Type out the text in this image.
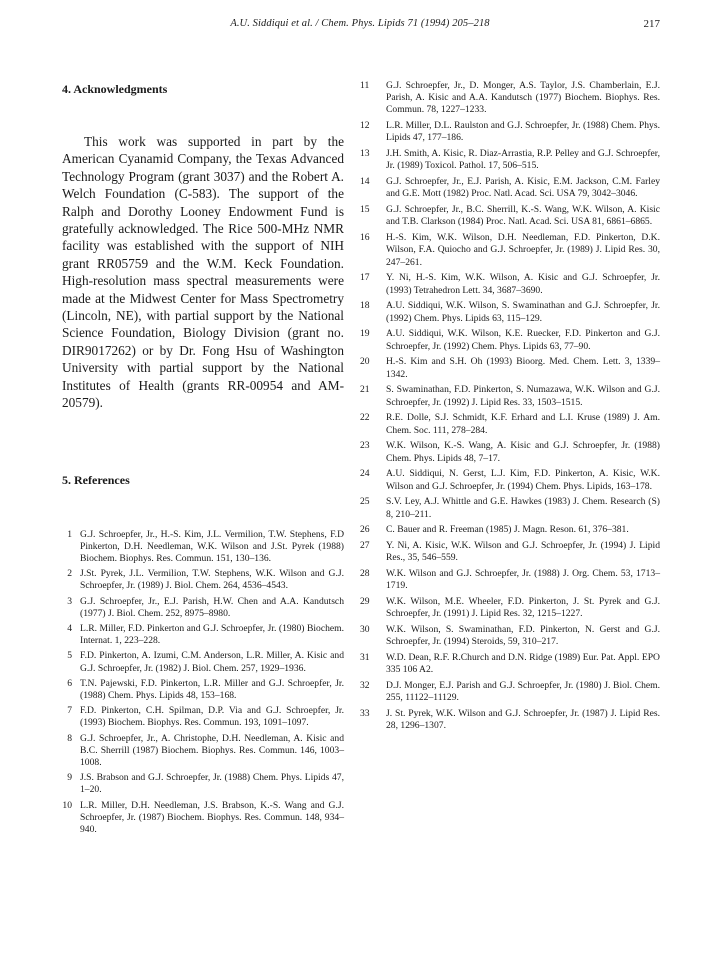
A.U. Siddiqui et al. / Chem. Phys. Lipids 71 (1994) 205–218	217
4. Acknowledgments

This work was supported in part by the American Cyanamid Company, the Texas Advanced Technology Program (grant 3037) and the Robert A. Welch Foundation (C-583). The support of the Ralph and Dorothy Looney Endowment Fund is gratefully acknowledged. The Rice 500-MHz NMR facility was established with the support of NIH grant RR05759 and the W.M. Keck Foundation. High-resolution mass spectral measurements were made at the Midwest Center for Mass Spectrometry (Lincoln, NE), with partial support by the National Science Foundation, Biology Division (grant no. DIR9017262) or by Dr. Fong Hsu of Washington University with partial support by the National Institutes of Health (grants RR-00954 and AM-20579).

5. References
1 G.J. Schroepfer, Jr., H.-S. Kim, J.L. Vermilion, T.W. Stephens, F.D Pinkerton, D.H. Needleman, W.K. Wilson and J.St. Pyrek (1988) Biochem. Biophys. Res. Commun. 151, 130–136.
2 J.St. Pyrek, J.L. Vermilion, T.W. Stephens, W.K. Wilson and G.J. Schroepfer, Jr. (1989) J. Biol. Chem. 264, 4536–4543.
3 G.J. Schroepfer, Jr., E.J. Parish, H.W. Chen and A.A. Kandutsch (1977) J. Biol. Chem. 252, 8975–8980.
4 L.R. Miller, F.D. Pinkerton and G.J. Schroepfer, Jr. (1980) Biochem. Internat. 1, 223–228.
5 F.D. Pinkerton, A. Izumi, C.M. Anderson, L.R. Miller, A. Kisic and G.J. Schroepfer, Jr. (1982) J. Biol. Chem. 257, 1929–1936.
6 T.N. Pajewski, F.D. Pinkerton, L.R. Miller and G.J. Schroepfer, Jr. (1988) Chem. Phys. Lipids 48, 153–168.
7 F.D. Pinkerton, C.H. Spilman, D.P. Via and G.J. Schroepfer, Jr. (1993) Biochem. Biophys. Res. Commun. 193, 1091–1097.
8 G.J. Schroepfer, Jr., A. Christophe, D.H. Needleman, A. Kisic and B.C. Sherrill (1987) Biochem. Biophys. Res. Commun. 146, 1003–1008.
9 J.S. Brabson and G.J. Schroepfer, Jr. (1988) Chem. Phys. Lipids 47, 1–20.
10 L.R. Miller, D.H. Needleman, J.S. Brabson, K.-S. Wang and G.J. Schroepfer, Jr. (1987) Biochem. Biophys. Res. Commun. 148, 934–940.
11	G.J. Schroepfer, Jr., D. Monger, A.S. Taylor, J.S. Chamberlain, E.J. Parish, A. Kisic and A.A. Kandutsch (1977) Biochem. Biophys. Res. Commun. 78, 1227–1233.
12	L.R. Miller, D.L. Raulston and G.J. Schroepfer, Jr. (1988) Chem. Phys. Lipids 47, 177–186.
13	J.H. Smith, A. Kisic, R. Diaz-Arrastia, R.P. Pelley and G.J. Schroepfer, Jr. (1989) Toxicol. Pathol. 17, 506–515.
14	G.J. Schroepfer, Jr., E.J. Parish, A. Kisic, E.M. Jackson, C.M. Farley and G.E. Mott (1982) Proc. Natl. Acad. Sci. USA 79, 3042–3046.
15	G.J. Schroepfer, Jr., B.C. Sherrill, K.-S. Wang, W.K. Wilson, A. Kisic and T.B. Clarkson (1984) Proc. Natl. Acad. Sci. USA 81, 6861–6865.
16	H.-S. Kim, W.K. Wilson, D.H. Needleman, F.D. Pinkerton, D.K. Wilson, F.A. Quiocho and G.J. Schroepfer, Jr. (1989) J. Lipid Res. 30, 247–261.
17	Y. Ni, H.-S. Kim, W.K. Wilson, A. Kisic and G.J. Schroepfer, Jr. (1993) Tetrahedron Lett. 34, 3687–3690.
18	A.U. Siddiqui, W.K. Wilson, S. Swaminathan and G.J. Schroepfer, Jr. (1992) Chem. Phys. Lipids 63, 115–129.
19	A.U. Siddiqui, W.K. Wilson, K.E. Ruecker, F.D. Pinkerton and G.J. Schroepfer, Jr. (1992) Chem. Phys. Lipids 63, 77–90.
20	H.-S. Kim and S.H. Oh (1993) Bioorg. Med. Chem. Lett. 3, 1339–1342.
21	S. Swaminathan, F.D. Pinkerton, S. Numazawa, W.K. Wilson and G.J. Schroepfer, Jr. (1992) J. Lipid Res. 33, 1503–1515.
22	R.E. Dolle, S.J. Schmidt, K.F. Erhard and L.I. Kruse (1989) J. Am. Chem. Soc. 111, 278–284.
23	W.K. Wilson, K.-S. Wang, A. Kisic and G.J. Schroepfer, Jr. (1988) Chem. Phys. Lipids 48, 7–17.
24	A.U. Siddiqui, N. Gerst, L.J. Kim, F.D. Pinkerton, A. Kisic, W.K. Wilson and G.J. Schroepfer, Jr. (1994) Chem. Phys. Lipids, 163–178.
25	S.V. Ley, A.J. Whittle and G.E. Hawkes (1983) J. Chem. Research (S) 8, 210–211.
26	C. Bauer and R. Freeman (1985) J. Magn. Reson. 61, 376–381.
27	Y. Ni, A. Kisic, W.K. Wilson and G.J. Schroepfer, Jr. (1994) J. Lipid Res., 35, 546–559.
28	W.K. Wilson and G.J. Schroepfer, Jr. (1988) J. Org. Chem. 53, 1713–1719.
29	W.K. Wilson, M.E. Wheeler, F.D. Pinkerton, J. St. Pyrek and G.J. Schroepfer, Jr. (1991) J. Lipid Res. 32, 1215–1227.
30	W.K. Wilson, S. Swaminathan, F.D. Pinkerton, N. Gerst and G.J. Schroepfer, Jr. (1994) Steroids, 59, 310–217.
31	W.D. Dean, R.F. R.Church and D.N. Ridge (1989) Eur. Pat. Appl. EPO 335 106 A2.
32	D.J. Monger, E.J. Parish and G.J. Schroepfer, Jr. (1980) J. Biol. Chem. 255, 11122–11129.
33	J. St. Pyrek, W.K. Wilson and G.J. Schroepfer, Jr. (1987) J. Lipid Res. 28, 1296–1307.
